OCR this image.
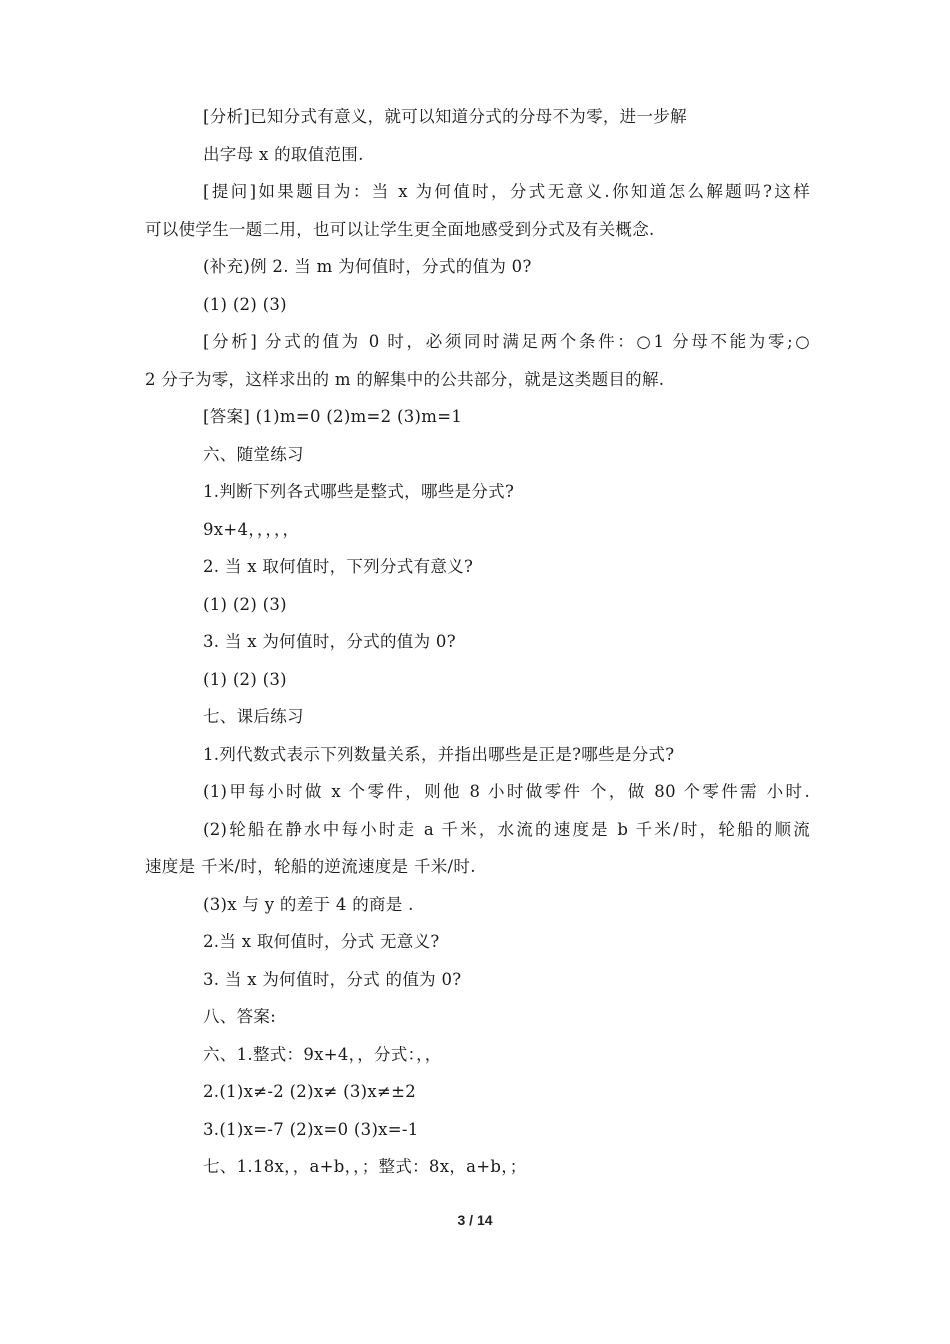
[分析]已知分式有意义，就可以知道分式的分母不为零，进一步解
出字母 x 的取值范围.
[提问]如果题目为：当 x 为何值时，分式无意义.你知道怎么解题吗?这样
可以使学生一题二用，也可以让学生更全面地感受到分式及有关概念.
(补充)例 2. 当 m 为何值时，分式的值为 0?
(1) (2) (3)
[分析] 分式的值为 0 时，必须同时满足两个条件：○1 分母不能为零;○
2 分子为零，这样求出的 m 的解集中的公共部分，就是这类题目的解.
[答案] (1)m=0 (2)m=2 (3)m=1
六、随堂练习
1.判断下列各式哪些是整式，哪些是分式?
9x+4，，，，，
2. 当 x 取何值时，下列分式有意义?
(1) (2) (3)
3. 当 x 为何值时，分式的值为 0?
(1) (2) (3)
七、课后练习
1.列代数式表示下列数量关系，并指出哪些是正是?哪些是分式?
(1)甲每小时做 x 个零件，则他 8 小时做零件 个，做 80 个零件需 小时.
(2)轮船在静水中每小时走 a 千米，水流的速度是 b 千米/时，轮船的顺流
速度是 千米/时，轮船的逆流速度是 千米/时.
(3)x 与 y 的差于 4 的商是 .
2.当 x 取何值时，分式 无意义?
3. 当 x 为何值时，分式 的值为 0?
八、答案:
六、1.整式：9x+4，，分式：，，
2.(1)x≠-2 (2)x≠ (3)x≠±2
3.(1)x=-7 (2)x=0 (3)x=-1
七、1.18x，，a+b，，；整式：8x，a+b，；
3 / 14
